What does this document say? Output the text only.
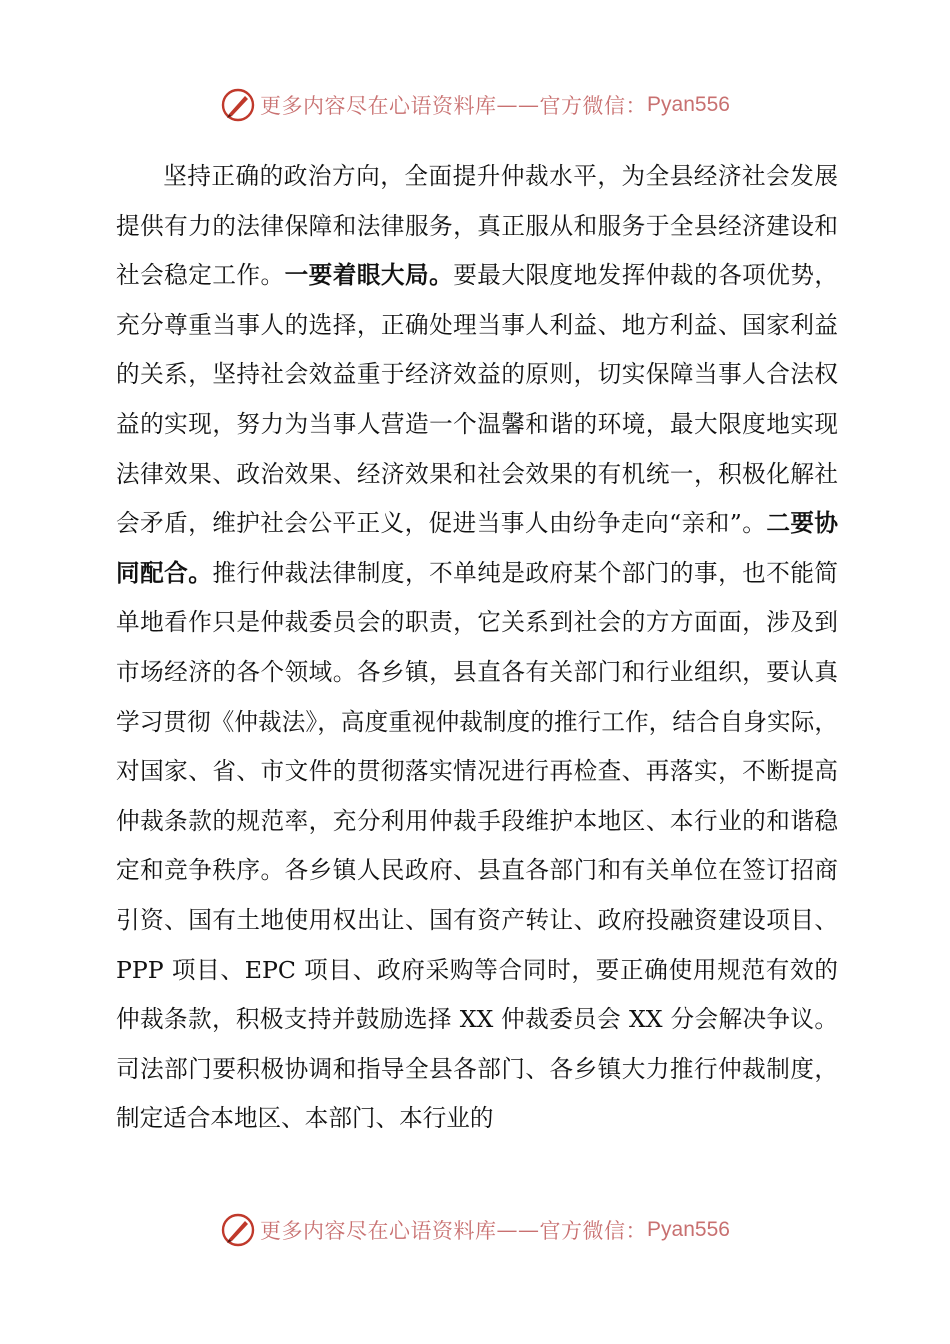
更多内容尽在心语资料库 —— 官方微信： Pyan556

坚持正确的政治方向，全面提升仲裁水平，为全县经济社会发展提供有力的法律保障和法律服务，真正服从和服务于全县经济建设和社会稳定工作。一要着眼大局。要最大限度地发挥仲裁的各项优势，充分尊重当事人的选择，正确处理当事人利益、地方利益、国家利益的关系，坚持社会效益重于经济效益的原则，切实保障当事人合法权益的实现，努力为当事人营造一个温馨和谐的环境，最大限度地实现法律效果、政治效果、经济效果和社会效果的有机统一，积极化解社会矛盾，维护社会公平正义，促进当事人由纷争走向“亲和”。二要协同配合。推行仲裁法律制度，不单纯是政府某个部门的事，也不能简单地看作只是仲裁委员会的职责，它关系到社会的方方面面，涉及到市场经济的各个领域。各乡镇，县直各有关部门和行业组织，要认真学习贯彻《仲裁法》，高度重视仲裁制度的推行工作，结合自身实际，对国家、省、市文件的贯彻落实情况进行再检查、再落实，不断提高仲裁条款的规范率，充分利用仲裁手段维护本地区、本行业的和谐稳定和竞争秩序。各乡镇人民政府、县直各部门和有关单位在签订招商引资、国有土地使用权出让、国有资产转让、政府投融资建设项目、PPP 项目、EPC 项目、政府采购等合同时，要正确使用规范有效的仲裁条款，积极支持并鼓励选择 XX 仲裁委员会 XX 分会解决争议。司法部门要积极协调和指导全县各部门、各乡镇大力推行仲裁制度，制定适合本地区、本部门、本行业的

更多内容尽在心语资料库 —— 官方微信： Pyan556
